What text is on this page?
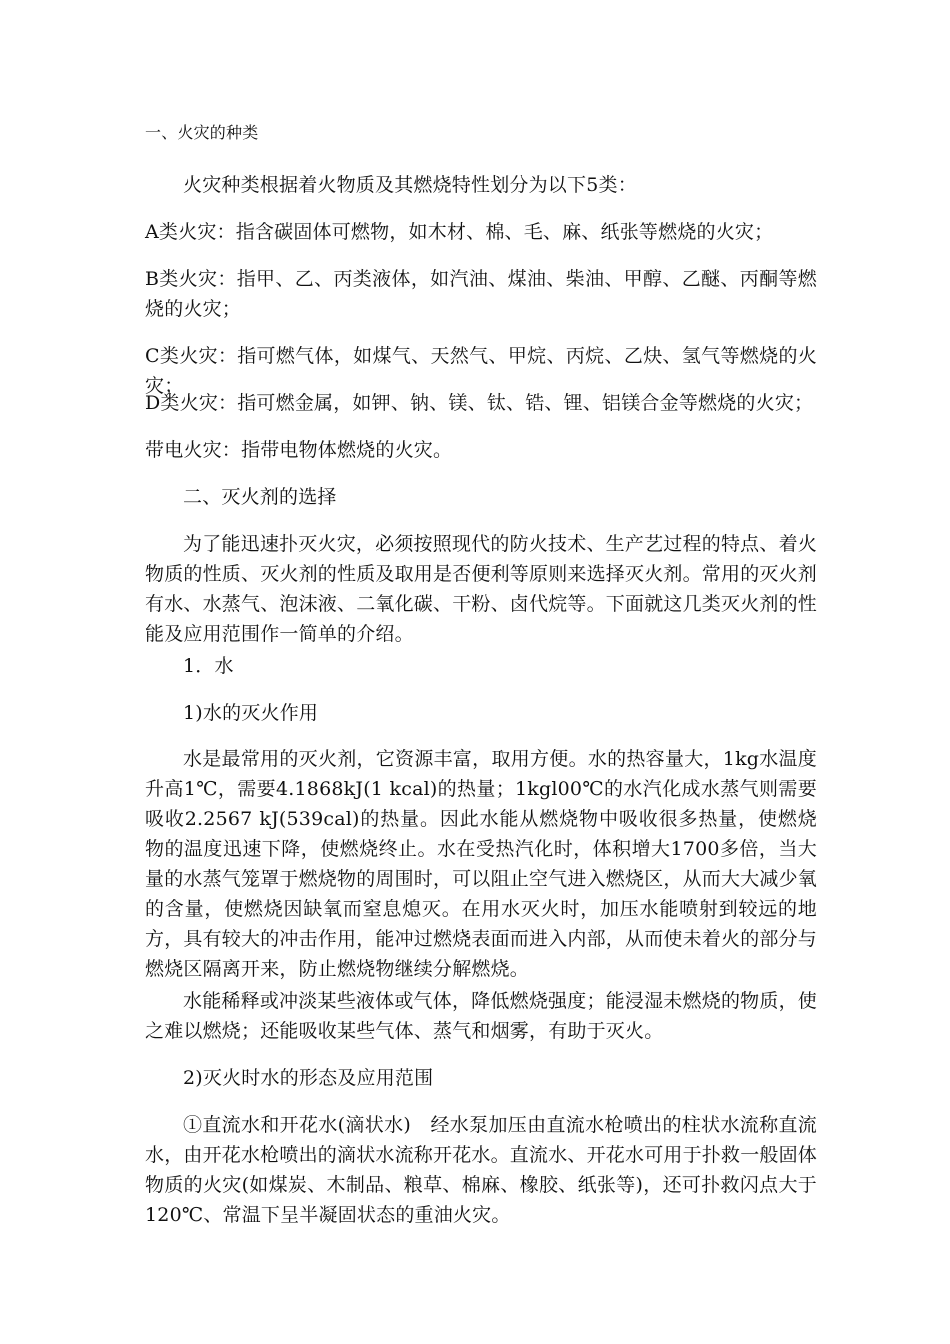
一、火灾的种类

火灾种类根据着火物质及其燃烧特性划分为以下5类：

A类火灾：指含碳固体可燃物，如木材、棉、毛、麻、纸张等燃烧的火灾；

B类火灾：指甲、乙、丙类液体，如汽油、煤油、柴油、甲醇、乙醚、丙酮等燃烧的火灾；

C类火灾：指可燃气体，如煤气、天然气、甲烷、丙烷、乙炔、氢气等燃烧的火灾；

D类火灾：指可燃金属，如钾、钠、镁、钛、锆、锂、铝镁合金等燃烧的火灾；

带电火灾：指带电物体燃烧的火灾。

二、灭火剂的选择

为了能迅速扑灭火灾，必须按照现代的防火技术、生产艺过程的特点、着火物质的性质、灭火剂的性质及取用是否便利等原则来选择灭火剂。常用的灭火剂有水、水蒸气、泡沫液、二氧化碳、干粉、卤代烷等。下面就这几类灭火剂的性能及应用范围作一简单的介绍。

1．水

1)水的灭火作用

水是最常用的灭火剂，它资源丰富，取用方便。水的热容量大，1kg水温度升高1℃，需要4.1868kJ(1 kcal)的热量；1kgl00℃的水汽化成水蒸气则需要吸收2.2567 kJ(539cal)的热量。因此水能从燃烧物中吸收很多热量，使燃烧物的温度迅速下降，使燃烧终止。水在受热汽化时，体积增大1700多倍，当大量的水蒸气笼罩于燃烧物的周围时，可以阻止空气进入燃烧区，从而大大减少氧的含量，使燃烧因缺氧而窒息熄灭。在用水灭火时，加压水能喷射到较远的地方，具有较大的冲击作用，能冲过燃烧表面而进入内部，从而使未着火的部分与燃烧区隔离开来，防止燃烧物继续分解燃烧。

水能稀释或冲淡某些液体或气体，降低燃烧强度；能浸湿未燃烧的物质，使之难以燃烧；还能吸收某些气体、蒸气和烟雾，有助于灭火。

2)灭火时水的形态及应用范围

①直流水和开花水(滴状水)　经水泵加压由直流水枪喷出的柱状水流称直流水，由开花水枪喷出的滴状水流称开花水。直流水、开花水可用于扑救一般固体物质的火灾(如煤炭、木制品、粮草、棉麻、橡胶、纸张等)，还可扑救闪点大于120℃、常温下呈半凝固状态的重油火灾。
